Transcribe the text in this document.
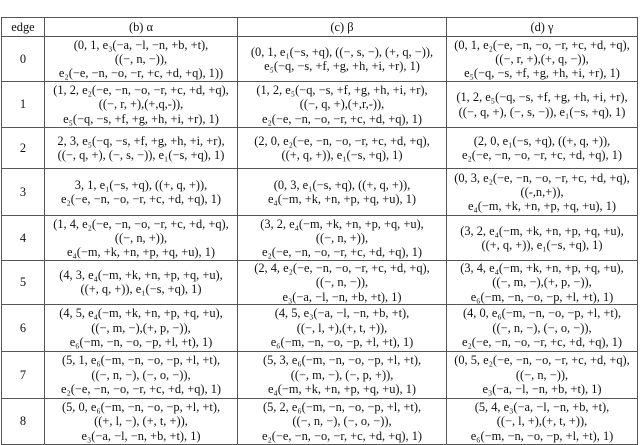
edge	(b) α	(c) β	(d) γ
0	(0, 1, e₃(−a, −l, −n, +b, +t),
((−, n, −)),
e₂(−e, −n, −o, −r, +c, +d, +q), 1))	(0, 1, e₁(−s, +q), ((−, s, −), (+, q, −)),
e₅(−q, −s, +f, +g, +h, +i, +r), 1)	(0, 1, e₂(−e, −n, −o, −r, +c, +d, +q),
((−, r, +),(+, q, −)),
e₅(−q, −s, +f, +g, +h, +i, +r), 1)

1	(1, 2, e₂(−e, −n, −o, −r, +c, +d, +q),
((−, r, +),(+,q,-)),
e₅(−q, −s, +f, +g, +h, +i, +r), 1)	(1, 2, e₅(−q, −s, +f, +g, +h, +i, +r),
((−, q, +),(+,r,-)),
e₂(−e, −n, −o, −r, +c, +d, +q), 1)	(1, 2, e₅(−q, −s, +f, +g, +h, +i, +r),
((−, q, +), (−, s, −)), e₁(−s, +q), 1)

2	2, 3, e₅(−q, −s, +f, +g, +h, +i, +r),
((−, q, +), (−, s, −)), e₁(−s, +q), 1)	(2, 0, e₂(−e, −n, −o, −r, +c, +d, +q),
((+, q, +)), e₁(−s, +q), 1)	(2, 0, e₁(−s, +q), ((+, q, +)),
e₂(−e, −n, −o, −r, +c, +d, +q), 1)

3	3, 1, e₁(−s, +q), ((+, q, +)),
e₂(−e, −n, −o, −r, +c, +d, +q), 1)	(0, 3, e₁(−s, +q), ((+, q, +)),
e₄(−m, +k, +n, +p, +q, +u), 1)	(0, 3, e₂(−e, −n, −o, −r, +c, +d, +q),
((-,n,+)),
e₄(−m, +k, +n, +p, +q, +u), 1)

4	(1, 4, e₂(−e, −n, −o, −r, +c, +d, +q),
((−, n, +)),
e₄(−m, +k, +n, +p, +q, +u), 1)	(3, 2, e₄(−m, +k, +n, +p, +q, +u),
((−, n, +)),
e₂(−e, −n, −o, −r, +c, +d, +q), 1)	(3, 2, e₄(−m, +k, +n, +p, +q, +u),
((+, q, +)), e₁(−s, +q), 1)

5	(4, 3, e₄(−m, +k, +n, +p, +q, +u),
((+, q, +)), e₁(−s, +q), 1)	(2, 4, e₂(−e, −n, −o, −r, +c, +d, +q),
((−, n, −)),
e₃(−a, −l, −n, +b, +t), 1)	(3, 4, e₄(−m, +k, +n, +p, +q, +u),
((−, m, −),(+, p, −)),
e₆(−m, −n, −o, −p, +l, +t), 1)

6	(4, 5, e₄(−m, +k, +n, +p, +q, +u),
((−, m, −),(+, p, −)),
e₆(−m, −n, −o, −p, +l, +t), 1)	(4, 5, e₃(−a, −l, −n, +b, +t),
((−, l, +),(+, t, +)),
e₆(−m, −n, −o, −p, +l, +t), 1)	(4, 0, e₆(−m, −n, −o, −p, +l, +t),
((−, n, −), (−, o, −)),
e₂(−e, −n, −o, −r, +c, +d, +q), 1)

7	(5, 1, e₆(−m, −n, −o, −p, +l, +t),
((−, n, −), (−, o, −)),
e₂(−e, −n, −o, −r, +c, +d, +q), 1)	(5, 3, e₆(−m, −n, −o, −p, +l, +t),
((−, m, −), (−, p, +)),
e₄(−m, +k, +n, +p, +q, +u), 1)	(0, 5, e₂(−e, −n, −o, −r, +c, +d, +q),
((−, n, −)),
e₃(−a, −l, −n, +b, +t), 1)

8	(5, 0, e₆(−m, −n, −o, −p, +l, +t),
((+, l, −), (+, t, +)),
e₃(−a, −l, −n, +b, +t), 1)	(5, 2, e₆(−m, −n, −o, −p, +l, +t),
((−, n, −), (−, o, −)),
e₂(−e, −n, −o, −r, +c, +d, +q), 1)	(5, 4, e₃(−a, −l, −n, +b, +t),
((−, l, +),(+, t, +)),
e₆(−m, −n, −o, −p, +l, +t), 1)
